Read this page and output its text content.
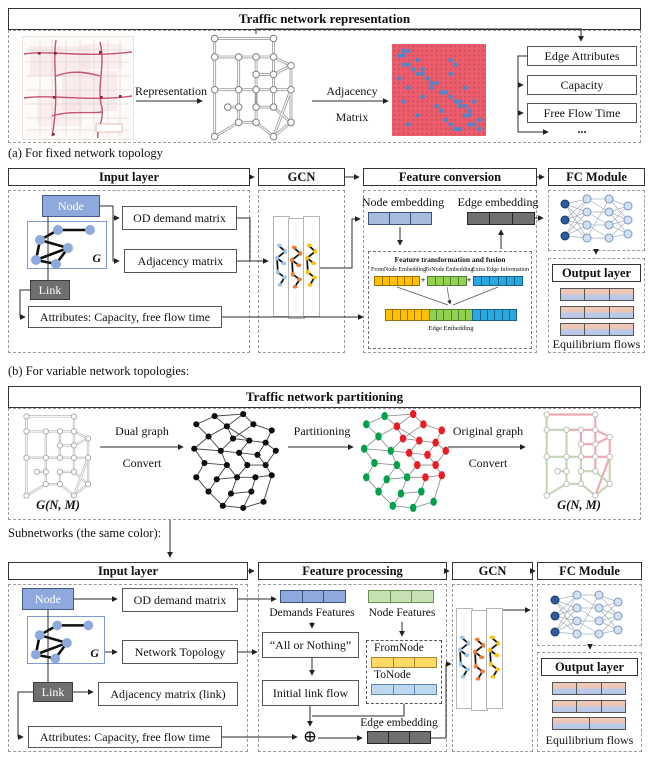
Traffic network representation
Representation	Adjacency
Matrix
Edge Attributes
Capacity
Free Flow Time
...
(a) For fixed network topology
Input layer	GCN	Feature conversion	FC Module
Node
G
OD demand matrix
Adjacency matrix
Link
Attributes: Capacity, free flow time
Node embedding	Edge embedding
Feature transformation and fusion
FromNode Embedding
ToNode Embedding
Extra Edge Information
+	+
Edge Embedding
Output layer
Equilibrium flows
(b) For variable network topologies:
Traffic network partitioning
G(N, M)
Dual graph
Convert
Partitioning	Original graph
Convert
G(N, M)
Subnetworks (the same color):
Input layer	Feature processing	GCN	FC Module
Node
G
OD demand matrix
Network Topology
Link	Adjacency matrix (link)
Attributes: Capacity, free flow time
Demands Features	Node Features
“All or Nothing”
Initial link flow
FromNode
ToNode
⊕
Edge embedding
Output layer
Equilibrium flows
